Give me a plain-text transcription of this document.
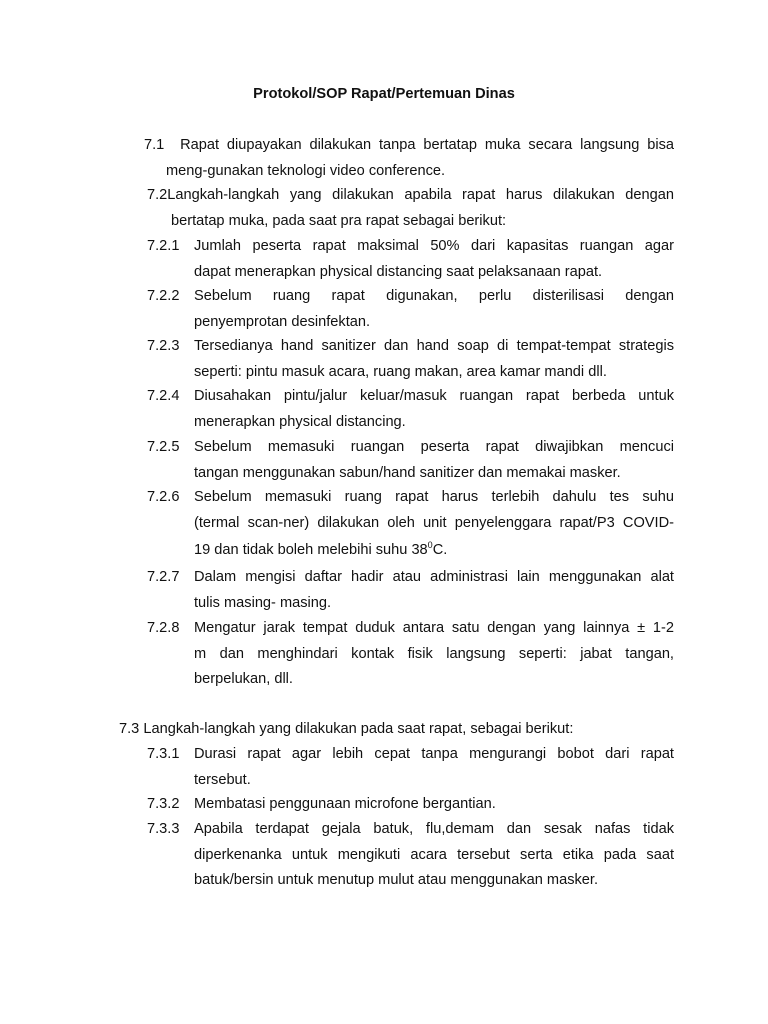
Protokol/SOP Rapat/Pertemuan Dinas
7.1 Rapat diupayakan dilakukan tanpa bertatap muka secara langsung bisa
meng-gunakan teknologi video conference.
7.2Langkah-langkah yang dilakukan apabila rapat harus dilakukan dengan
bertatap muka, pada saat pra rapat sebagai berikut:
7.2.1 Jumlah peserta rapat maksimal 50% dari kapasitas ruangan agar
dapat menerapkan physical distancing saat pelaksanaan rapat.
7.2.2 Sebelum ruang rapat digunakan, perlu disterilisasi dengan
penyemprotan desinfektan.
7.2.3 Tersedianya hand sanitizer dan hand soap di tempat-tempat strategis
seperti: pintu masuk acara, ruang makan, area kamar mandi dll.
7.2.4 Diusahakan pintu/jalur keluar/masuk ruangan rapat berbeda untuk
menerapkan physical distancing.
7.2.5 Sebelum memasuki ruangan peserta rapat diwajibkan mencuci
tangan menggunakan sabun/hand sanitizer dan memakai masker.
7.2.6 Sebelum memasuki ruang rapat harus terlebih dahulu tes suhu
(termal scan-ner) dilakukan oleh unit penyelenggara rapat/P3 COVID-
19 dan tidak boleh melebihi suhu $38^0C$.
7.2.7 Dalam mengisi daftar hadir atau administrasi lain menggunakan alat
tulis masing- masing.
7.2.8 Mengatur jarak tempat duduk antara satu dengan yang lainnya ± 1-2
m dan menghindari kontak fisik langsung seperti: jabat tangan,
berpelukan, dll.
7.3 Langkah-langkah yang dilakukan pada saat rapat, sebagai berikut:
7.3.1 Durasi rapat agar lebih cepat tanpa mengurangi bobot dari rapat
tersebut.
7.3.2 Membatasi penggunaan microfone bergantian.
7.3.3 Apabila terdapat gejala batuk, flu,demam dan sesak nafas tidak
diperkenanka untuk mengikuti acara tersebut serta etika pada saat
batuk/bersin untuk menutup mulut atau menggunakan masker.
